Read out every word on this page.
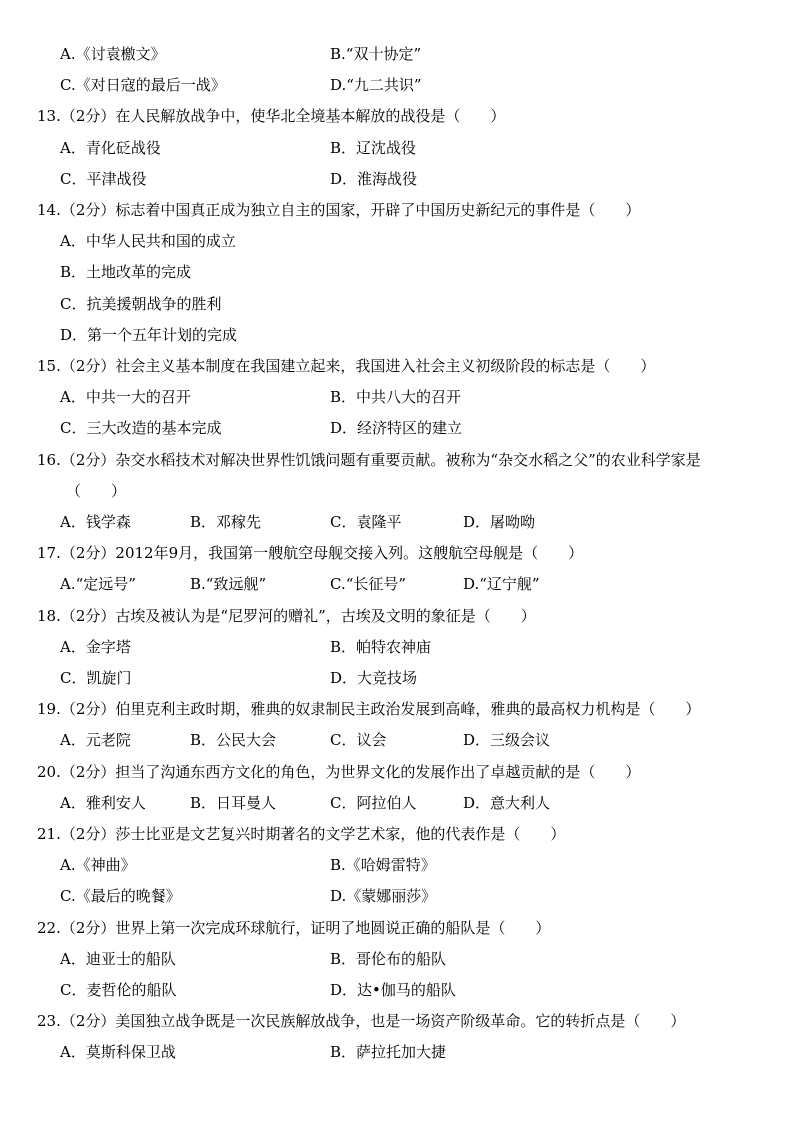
A.《讨袁檄文》	B.“双十协定”
C.《对日寇的最后一战》	D.“九二共识”
13.（2分）在人民解放战争中，使华北全境基本解放的战役是（　　）
A．青化砭战役	B．辽沈战役
C．平津战役	D．淮海战役
14.（2分）标志着中国真正成为独立自主的国家，开辟了中国历史新纪元的事件是（　　）
A．中华人民共和国的成立
B．土地改革的完成
C．抗美援朝战争的胜利
D．第一个五年计划的完成
15.（2分）社会主义基本制度在我国建立起来，我国进入社会主义初级阶段的标志是（　　）
A．中共一大的召开	B．中共八大的召开
C．三大改造的基本完成	D．经济特区的建立
16.（2分）杂交水稻技术对解决世界性饥饿问题有重要贡献。被称为“杂交水稻之父”的农业科学家是
（　　）
A．钱学森	B．邓稼先	C．袁隆平	D．屠呦呦
17.（2分）2012年9月，我国第一艘航空母舰交接入列。这艘航空母舰是（　　）
A.“定远号”	B.“致远舰”	C.“长征号”	D.“辽宁舰”
18.（2分）古埃及被认为是“尼罗河的赠礼”，古埃及文明的象征是（　　）
A．金字塔	B．帕特农神庙
C．凯旋门	D．大竞技场
19.（2分）伯里克利主政时期，雅典的奴隶制民主政治发展到高峰，雅典的最高权力机构是（　　）
A．元老院	B．公民大会	C．议会	D．三级会议
20.（2分）担当了沟通东西方文化的角色，为世界文化的发展作出了卓越贡献的是（　　）
A．雅利安人	B．日耳曼人	C．阿拉伯人	D．意大利人
21.（2分）莎士比亚是文艺复兴时期著名的文学艺术家，他的代表作是（　　）
A.《神曲》	B.《哈姆雷特》
C.《最后的晚餐》	D.《蒙娜丽莎》
22.（2分）世界上第一次完成环球航行，证明了地圆说正确的船队是（　　）
A．迪亚士的船队	B．哥伦布的船队
C．麦哲伦的船队	D．达•伽马的船队
23.（2分）美国独立战争既是一次民族解放战争，也是一场资产阶级革命。它的转折点是（　　）
A．莫斯科保卫战	B．萨拉托加大捷
